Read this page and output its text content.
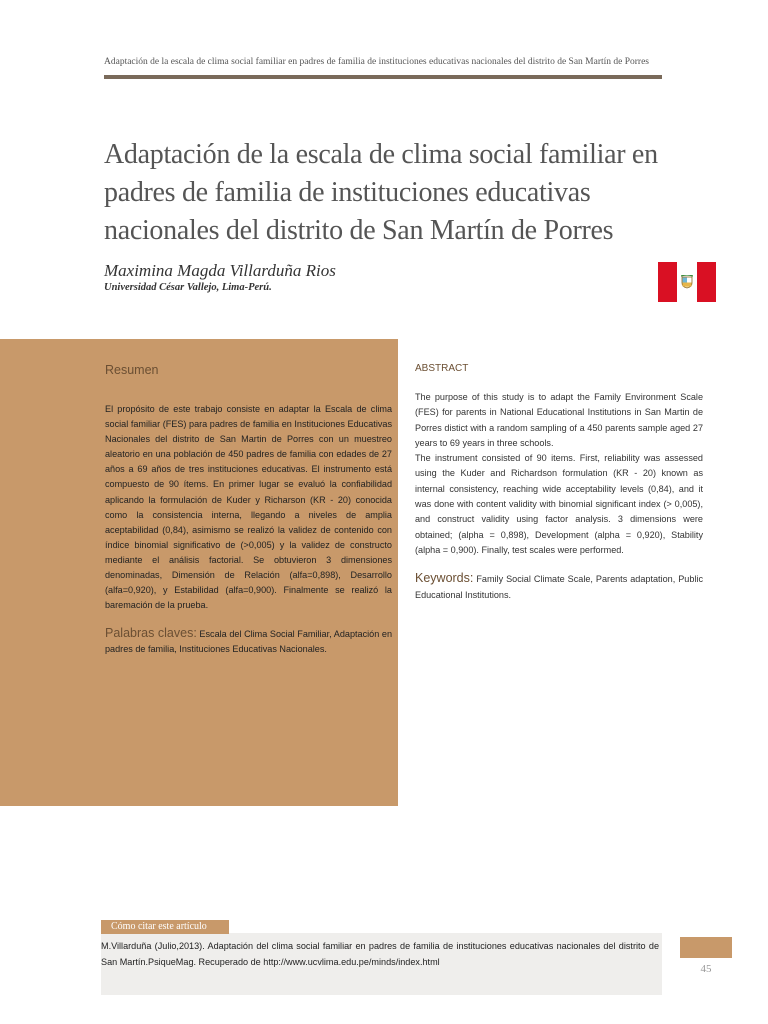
Adaptación de la escala de clima social familiar en padres de familia de instituciones educativas nacionales del distrito de San Martín de Porres
Adaptación de la escala de clima social familiar en padres de familia de instituciones educativas nacionales del distrito de San Martín de Porres
Maximina Magda Villarduña Rios
Universidad César Vallejo, Lima-Perú.
Resumen

El propósito de este trabajo consiste en adaptar la Escala de clima social familiar (FES) para padres de familia en Instituciones Educativas Nacionales del distrito de San Martin de Porres con un muestreo aleatorio en una población de 450 padres de familia con edades de 27 años a 69 años de tres instituciones educativas. El instrumento está compuesto de 90 ítems. En primer lugar se evaluó la confiabilidad aplicando la formulación de Kuder y Richarson (KR - 20) conocida como la consistencia interna, llegando a niveles de amplia aceptabilidad (0,84), asimismo se realizó la validez de contenido con índice binomial significativo de (>0,005) y la validez de constructo mediante el análisis factorial. Se obtuvieron 3 dimensiones denominadas, Dimensión de Relación (alfa=0,898), Desarrollo (alfa=0,920), y Estabilidad (alfa=0,900). Finalmente se realizó la baremación de la prueba.

Palabras claves: Escala del Clima Social Familiar, Adaptación en padres de familia, Instituciones Educativas Nacionales.

ABSTRACT

The purpose of this study is to adapt the Family Environment Scale (FES) for parents in National Educational Institutions in San Martin de Porres distict with a random sampling of a 450 parents sample aged 27 years to 69 years in three schools.

The instrument consisted of 90 items. First, reliability was assessed using the Kuder and Richardson formulation (KR - 20) known as internal consistency, reaching wide acceptability levels (0,84), and it was done with content validity with binomial significant index (> 0,005), and construct validity using factor analysis. 3 dimensions were obtained; (alpha = 0,898), Development (alpha = 0,920), Stability (alpha = 0,900). Finally, test scales were performed.

Keywords: Family Social Climate Scale, Parents adaptation, Public Educational Institutions.

Cómo citar este artículo

M.Villarduña (Julio,2013). Adaptación del clima social familiar en padres de familia de instituciones educativas nacionales del distrito de San Martín.PsiqueMag. Recuperado de http://www.ucvlima.edu.pe/minds/index.html

45
